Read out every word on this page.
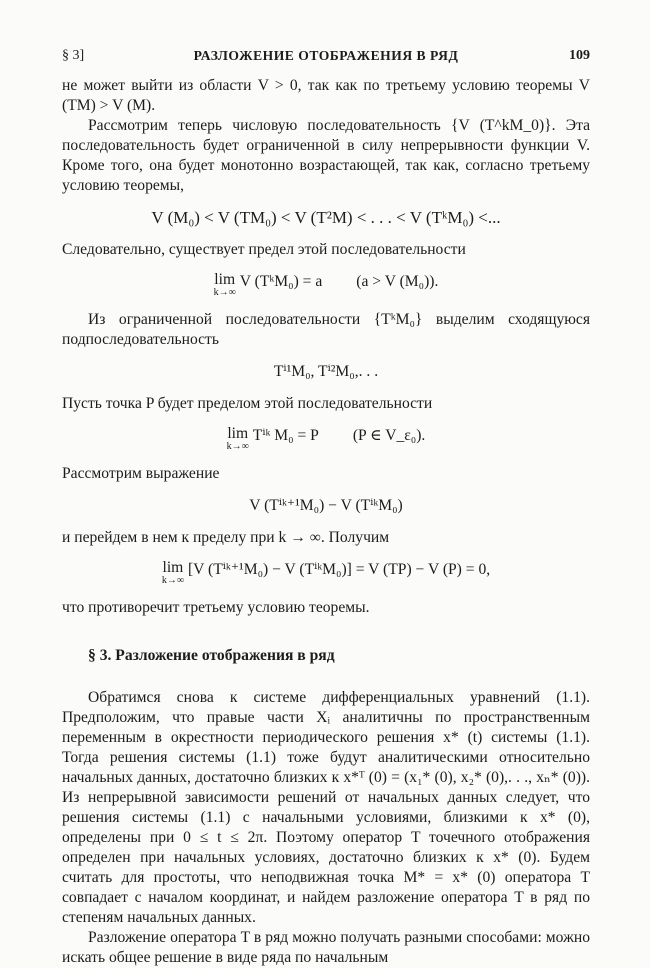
§ 3]	РАЗЛОЖЕНИЕ ОТОБРАЖЕНИЯ В РЯД	109

не может выйти из области V > 0, так как по третьему условию теоремы V (TM) > V (M).

Рассмотрим теперь числовую последовательность {V (T^kM_0)}. Эта последовательность будет ограниченной в силу непрерывности функции V. Кроме того, она будет монотонно возрастающей, так как, согласно третьему условию теоремы,

V (M₀) < V (TM₀) < V (T²M) < . . . < V (TᵏM₀) <...

Следовательно, существует предел этой последовательности

lim
k→∞
V (TᵏM₀) = a (a > V (M₀)).

Из ограниченной последовательности {TᵏM₀} выделим сходящуюся подпоследовательность

Tⁱ¹M₀, Tⁱ²M₀,. . .

Пусть точка P будет пределом этой последовательности

lim
k→∞
Tⁱᵏ M₀ = P (P ∈ V_ε₀).

Рассмотрим выражение

V (Tⁱᵏ⁺¹M₀) − V (TⁱᵏM₀)

и перейдем в нем к пределу при k → ∞. Получим

lim
k→∞
[V (Tⁱᵏ⁺¹M₀) − V (TⁱᵏM₀)] = V (TP) − V (P) = 0,

что противоречит третьему условию теоремы.

§ 3. Разложение отображения в ряд

Обратимся снова к системе дифференциальных уравнений (1.1). Предположим, что правые части Xᵢ аналитичны по пространственным переменным в окрестности периодического решения x* (t) системы (1.1). Тогда решения системы (1.1) тоже будут аналитическими относительно начальных данных, достаточно близких к x*ᵀ (0) = (x₁* (0), x₂* (0),. . ., xₙ* (0)). Из непрерывной зависимости решений от начальных данных следует, что решения системы (1.1) с начальными условиями, близкими к x* (0), определены при 0 ≤ t ≤ 2π. Поэтому оператор T точечного отображения определен при начальных условиях, достаточно близких к x* (0). Будем считать для простоты, что неподвижная точка M* = x* (0) оператора T совпадает с началом координат, и найдем разложение оператора T в ряд по степеням начальных данных.

Разложение оператора T в ряд можно получать разными способами: можно искать общее решение в виде ряда по начальным
